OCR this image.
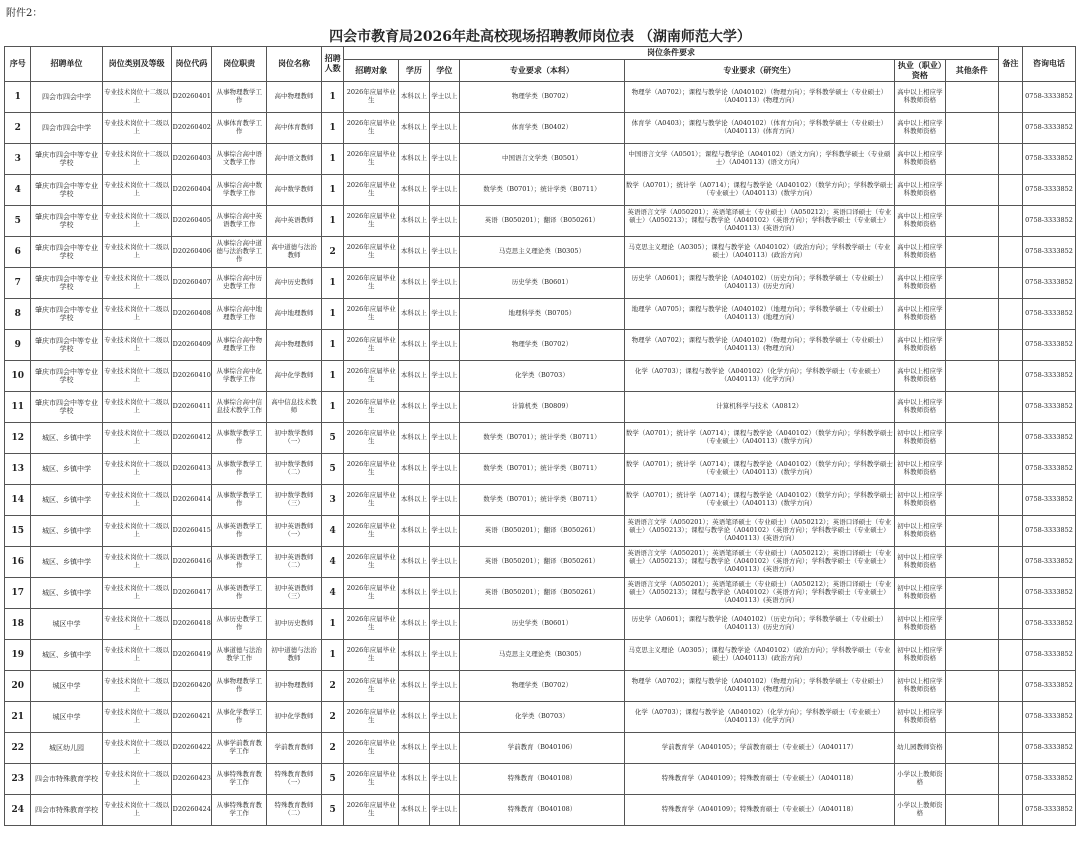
附件2：
四会市教育局2026年赴高校现场招聘教师岗位表 （湖南师范大学）
序号	招聘单位	岗位类别及等级	岗位代码	岗位职责	岗位名称	招聘人数	岗位条件要求							备注	咨询电话
							招聘对象	学历	学位	专业要求（本科）	专业要求（研究生）	执业（职业）资格	其他条件		
1	四会市四会中学	专业技术岗位十二级以上	D20260401	从事物理教学工作	高中物理教师	1	2026年应届毕业生	本科以上	学士以上	物理学类（B0702）	物理学（A0702）；课程与教学论（A040102）（物理方向）；学科教学硕士（专业硕士）（A040113）(物理方向）	高中以上相应学科教师资格			0758-3333852
2	四会市四会中学	专业技术岗位十二级以上	D20260402	从事体育教学工作	高中体育教师	1	2026年应届毕业生	本科以上	学士以上	体育学类（B0402）	体育学（A0403）；课程与教学论（A040102）（体育方向）；学科教学硕士（专业硕士）（A040113）(体育方向）	高中以上相应学科教师资格			0758-3333852
3	肇庆市四会中等专业学校	专业技术岗位十二级以上	D20260403	从事综合高中语文教学工作	高中语文教师	1	2026年应届毕业生	本科以上	学士以上	中国语言文学类（B0501）	中国语言文学（A0501）；课程与教学论（A040102）（语文方向）；学科教学硕士（专业硕士）（A040113）(语文方向）	高中以上相应学科教师资格			0758-3333852
4	肇庆市四会中等专业学校	专业技术岗位十二级以上	D20260404	从事综合高中数学教学工作	高中数学教师	1	2026年应届毕业生	本科以上	学士以上	数学类（B0701）；统计学类（B0711）	数学（A0701）；统计学（A0714）；课程与教学论（A040102）（数学方向）；学科教学硕士（专业硕士）（A040113）(数学方向）	高中以上相应学科教师资格			0758-3333852
5	肇庆市四会中等专业学校	专业技术岗位十二级以上	D20260405	从事综合高中英语教学工作	高中英语教师	1	2026年应届毕业生	本科以上	学士以上	英语（B050201）；翻译（B050261）	英语语言文学（A050201）；英语笔译硕士（专业硕士）（A050212）；英语口译硕士（专业硕士）（A050213）；课程与教学论（A040102）（英语方向）；学科教学硕士（专业硕士）（A040113）(英语方向）	高中以上相应学科教师资格			0758-3333852
6	肇庆市四会中等专业学校	专业技术岗位十二级以上	D20260406	从事综合高中道德与法治教学工作	高中道德与法治教师	2	2026年应届毕业生	本科以上	学士以上	马克思主义理论类（B0305）	马克思主义理论（A0305）；课程与教学论（A040102）（政治方向）；学科教学硕士（专业硕士）（A040113）(政治方向）	高中以上相应学科教师资格			0758-3333852
7	肇庆市四会中等专业学校	专业技术岗位十二级以上	D20260407	从事综合高中历史教学工作	高中历史教师	1	2026年应届毕业生	本科以上	学士以上	历史学类（B0601）	历史学（A0601）；课程与教学论（A040102）（历史方向）；学科教学硕士（专业硕士）（A040113）(历史方向）	高中以上相应学科教师资格			0758-3333852
8	肇庆市四会中等专业学校	专业技术岗位十二级以上	D20260408	从事综合高中地理教学工作	高中地理教师	1	2026年应届毕业生	本科以上	学士以上	地理科学类（B0705）	地理学（A0705）；课程与教学论（A040102）（地理方向）；学科教学硕士（专业硕士）（A040113）(地理方向）	高中以上相应学科教师资格			0758-3333852
9	肇庆市四会中等专业学校	专业技术岗位十二级以上	D20260409	从事综合高中物理教学工作	高中物理教师	1	2026年应届毕业生	本科以上	学士以上	物理学类（B0702）	物理学（A0702）；课程与教学论（A040102）（物理方向）；学科教学硕士（专业硕士）（A040113）(物理方向）	高中以上相应学科教师资格			0758-3333852
10	肇庆市四会中等专业学校	专业技术岗位十二级以上	D20260410	从事综合高中化学教学工作	高中化学教师	1	2026年应届毕业生	本科以上	学士以上	化学类（B0703）	化学（A0703）；课程与教学论（A040102）（化学方向）；学科教学硕士（专业硕士）（A040113）(化学方向）	高中以上相应学科教师资格			0758-3333852
11	肇庆市四会中等专业学校	专业技术岗位十二级以上	D20260411	从事综合高中信息技术教学工作	高中信息技术教师	1	2026年应届毕业生	本科以上	学士以上	计算机类（B0809）	计算机科学与技术（A0812）	高中以上相应学科教师资格			0758-3333852
12	城区、乡镇中学	专业技术岗位十二级以上	D20260412	从事数学教学工作	初中数学教师（一）	5	2026年应届毕业生	本科以上	学士以上	数学类（B0701）；统计学类（B0711）	数学（A0701）；统计学（A0714）；课程与教学论（A040102）（数学方向）；学科教学硕士（专业硕士）（A040113）(数学方向）	初中以上相应学科教师资格			0758-3333852
13	城区、乡镇中学	专业技术岗位十二级以上	D20260413	从事数学教学工作	初中数学教师（二）	5	2026年应届毕业生	本科以上	学士以上	数学类（B0701）；统计学类（B0711）	数学（A0701）；统计学（A0714）；课程与教学论（A040102）（数学方向）；学科教学硕士（专业硕士）（A040113）(数学方向）	初中以上相应学科教师资格			0758-3333852
14	城区、乡镇中学	专业技术岗位十二级以上	D20260414	从事数学教学工作	初中数学教师（三）	3	2026年应届毕业生	本科以上	学士以上	数学类（B0701）；统计学类（B0711）	数学（A0701）；统计学（A0714）；课程与教学论（A040102）（数学方向）；学科教学硕士（专业硕士）（A040113）(数学方向）	初中以上相应学科教师资格			0758-3333852
15	城区、乡镇中学	专业技术岗位十二级以上	D20260415	从事英语教学工作	初中英语教师（一）	4	2026年应届毕业生	本科以上	学士以上	英语（B050201）；翻译（B050261）	英语语言文学（A050201）；英语笔译硕士（专业硕士）（A050212）；英语口译硕士（专业硕士）（A050213）；课程与教学论（A040102）（英语方向）；学科教学硕士（专业硕士）（A040113）(英语方向）	初中以上相应学科教师资格			0758-3333852
16	城区、乡镇中学	专业技术岗位十二级以上	D20260416	从事英语教学工作	初中英语教师（二）	4	2026年应届毕业生	本科以上	学士以上	英语（B050201）；翻译（B050261）	英语语言文学（A050201）；英语笔译硕士（专业硕士）（A050212）；英语口译硕士（专业硕士）（A050213）；课程与教学论（A040102）（英语方向）；学科教学硕士（专业硕士）（A040113）(英语方向）	初中以上相应学科教师资格			0758-3333852
17	城区、乡镇中学	专业技术岗位十二级以上	D20260417	从事英语教学工作	初中英语教师（三）	4	2026年应届毕业生	本科以上	学士以上	英语（B050201）；翻译（B050261）	英语语言文学（A050201）；英语笔译硕士（专业硕士）（A050212）；英语口译硕士（专业硕士）（A050213）；课程与教学论（A040102）（英语方向）；学科教学硕士（专业硕士）（A040113）(英语方向）	初中以上相应学科教师资格			0758-3333852
18	城区中学	专业技术岗位十二级以上	D20260418	从事历史教学工作	初中历史教师	1	2026年应届毕业生	本科以上	学士以上	历史学类（B0601）	历史学（A0601）；课程与教学论（A040102）（历史方向）；学科教学硕士（专业硕士）（A040113）(历史方向）	初中以上相应学科教师资格			0758-3333852
19	城区、乡镇中学	专业技术岗位十二级以上	D20260419	从事道德与法治教学工作	初中道德与法治教师	1	2026年应届毕业生	本科以上	学士以上	马克思主义理论类（B0305）	马克思主义理论（A0305）；课程与教学论（A040102）（政治方向）；学科教学硕士（专业硕士）（A040113）(政治方向）	初中以上相应学科教师资格			0758-3333852
20	城区中学	专业技术岗位十二级以上	D20260420	从事物理教学工作	初中物理教师	2	2026年应届毕业生	本科以上	学士以上	物理学类（B0702）	物理学（A0702）；课程与教学论（A040102）（物理方向）；学科教学硕士（专业硕士）（A040113）(物理方向）	初中以上相应学科教师资格			0758-3333852
21	城区中学	专业技术岗位十二级以上	D20260421	从事化学教学工作	初中化学教师	2	2026年应届毕业生	本科以上	学士以上	化学类（B0703）	化学（A0703）；课程与教学论（A040102）（化学方向）；学科教学硕士（专业硕士）（A040113）(化学方向）	初中以上相应学科教师资格			0758-3333852
22	城区幼儿园	专业技术岗位十二级以上	D20260422	从事学前教育教学工作	学前教育教师	2	2026年应届毕业生	本科以上	学士以上	学前教育（B040106）	学前教育学（A040105）；学前教育硕士（专业硕士）（A040117）	幼儿园教师资格			0758-3333852
23	四会市特殊教育学校	专业技术岗位十二级以上	D20260423	从事特殊教育教学工作	特殊教育教师（一）	5	2026年应届毕业生	本科以上	学士以上	特殊教育（B040108）	特殊教育学（A040109）；特殊教育硕士（专业硕士）（A040118）	小学以上教师资格			0758-3333852
24	四会市特殊教育学校	专业技术岗位十二级以上	D20260424	从事特殊教育教学工作	特殊教育教师（二）	5	2026年应届毕业生	本科以上	学士以上	特殊教育（B040108）	特殊教育学（A040109）；特殊教育硕士（专业硕士）（A040118）	小学以上教师资格			0758-3333852
